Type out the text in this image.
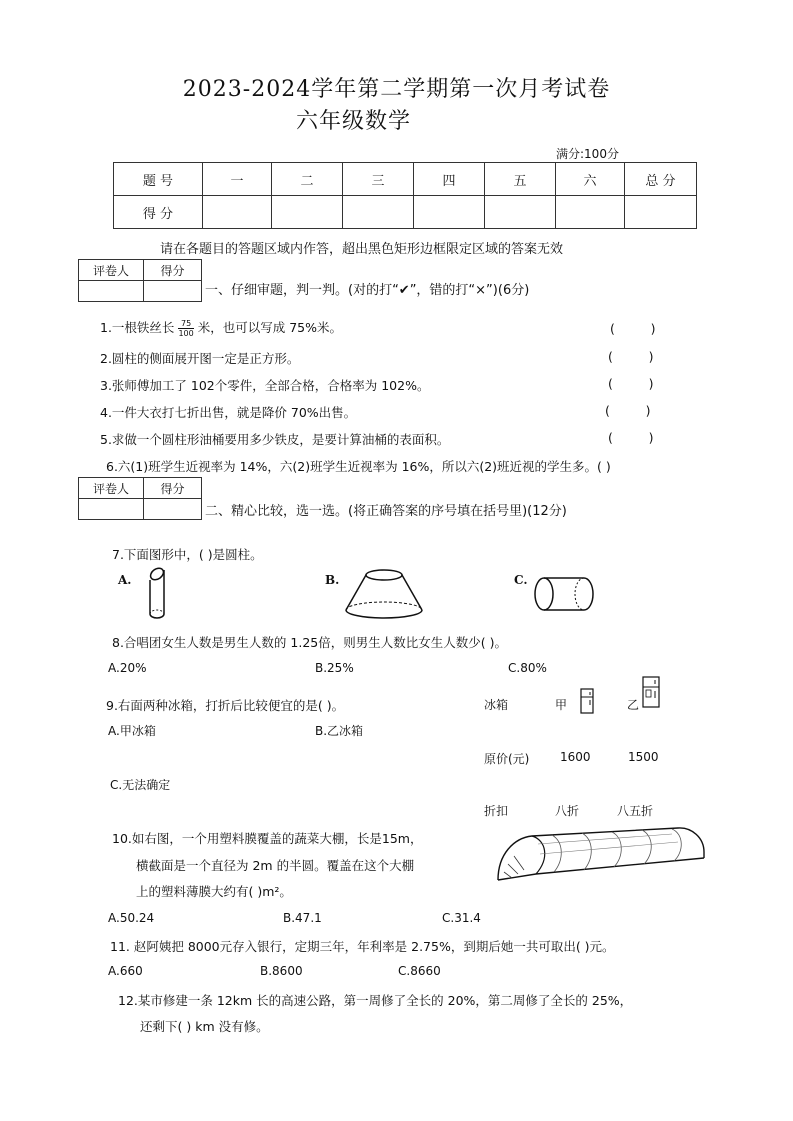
2023-2024学年第二学期第一次月考试卷
六年级数学
满分:100分
题 号	一	二	三	四	五	六	总 分
得 分							
请在各题目的答题区域内作答，超出黑色矩形边框限定区域的答案无效
评卷人	得分

一、仔细审题，判一判。(对的打“✔”，错的打“×”)(6分)
1.一根铁丝长 $\frac{75}{100}$ 米，也可以写成 75%米。	(         )
2.圆柱的侧面展开图一定是正方形。	(         )
3.张师傅加工了 102个零件，全部合格，合格率为 102%。	(         )
4.一件大衣打七折出售，就是降价 70%出售。	(         )
5.求做一个圆柱形油桶要用多少铁皮，是要计算油桶的表面积。	(         )
6.六(1)班学生近视率为 14%，六(2)班学生近视率为 16%，所以六(2)班近视的学生多。( )
评卷人	得分

二、精心比较，选一选。(将正确答案的序号填在括号里)(12分)
7.下面图形中，( )是圆柱。
A.	B.	C.
8.合唱团女生人数是男生人数的 1.25倍，则男生人数比女生人数少( )。
A.20%	B.25%	C.80%
9.右面两种冰箱，打折后比较便宜的是( )。	冰箱	甲	乙
A.甲冰箱	B.乙冰箱
原价(元)	1600	1500
C.无法确定
折扣	八折	八五折
10.如右图，一个用塑料膜覆盖的蔬菜大棚，长是15m，
横截面是一个直径为 2m 的半圆。覆盖在这个大棚
上的塑料薄膜大约有( )m²。
A.50.24	B.47.1	C.31.4
11. 赵阿姨把 8000元存入银行，定期三年，年利率是 2.75%，到期后她一共可取出( )元。
A.660	B.8600	C.8660
12.某市修建一条 12km 长的高速公路，第一周修了全长的 20%，第二周修了全长的 25%，
还剩下( ) km 没有修。
